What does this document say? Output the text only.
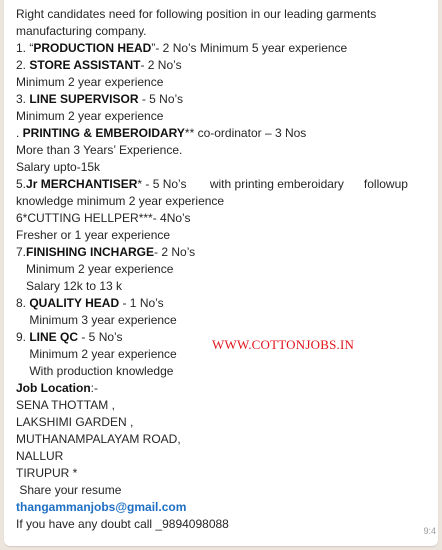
Right candidates need for following position in our leading garments
manufacturing company.
1. “PRODUCTION HEAD”- 2 No’s Minimum 5 year experience
2. STORE ASSISTANT- 2 No’s
Minimum 2 year experience
3. LINE SUPERVISOR - 5 No’s
Minimum 2 year experience
. PRINTING & EMBEROIDARY** co-ordinator – 3 Nos
More than 3 Years’ Experience.
Salary upto-15k
5.Jr MERCHANTISER* - 5 No’s       with printing emberoidary      followup
knowledge minimum 2 year experience
6*CUTTING HELLPER***- 4No’s
Fresher or 1 year experience
7.FINISHING INCHARGE- 2 No’s
Minimum 2 year experience
Salary 12k to 13 k
8. QUALITY HEAD - 1 No’s
Minimum 3 year experience
9. LINE QC - 5 No’s
Minimum 2 year experience
With production knowledge
Job Location:-
SENA THOTTAM ,
LAKSHIMI GARDEN ,
MUTHANAMPALAYAM ROAD,
NALLUR
TIRUPUR *
Share your resume
thangammanjobs@gmail.com
If you have any doubt call _9894098088
WWW.COTTONJOBS.IN
9:4
